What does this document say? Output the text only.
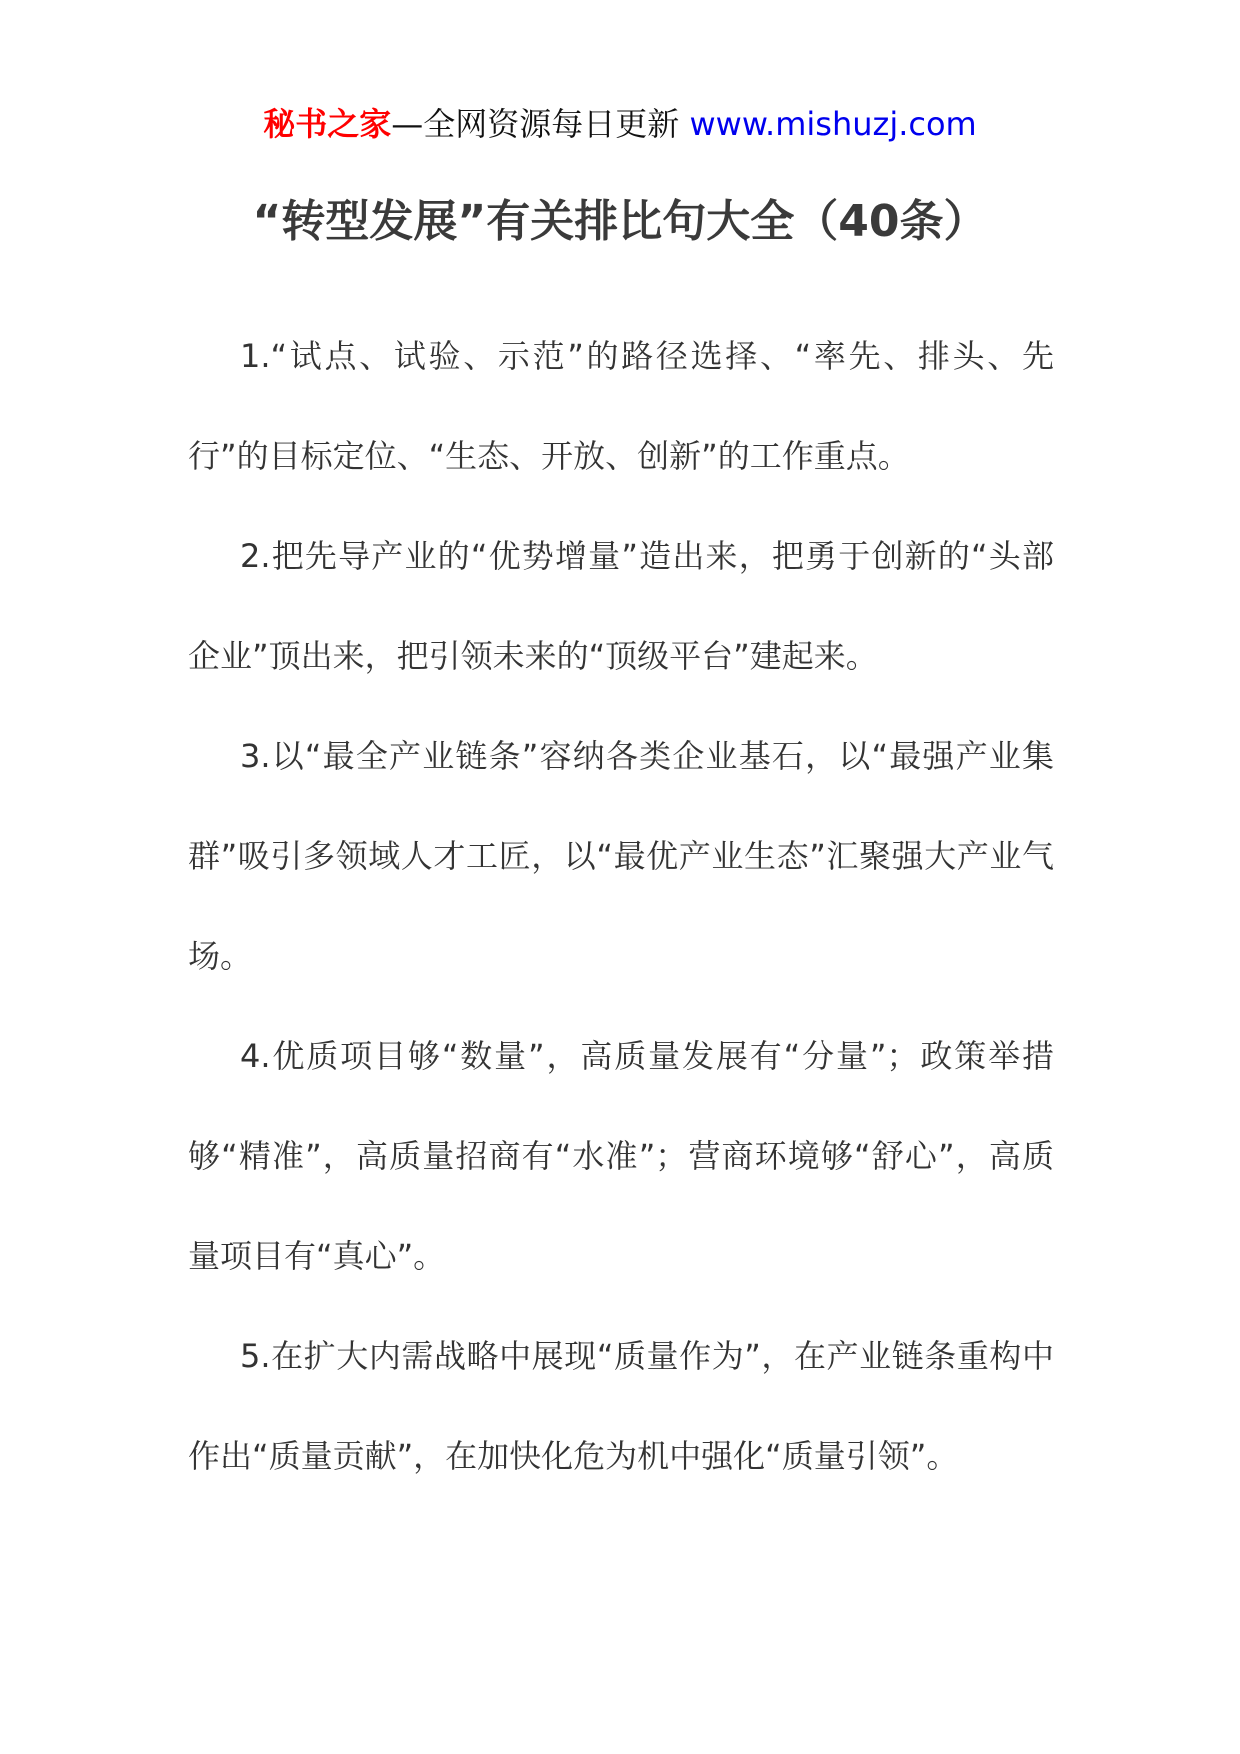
秘书之家—全网资源每日更新 www.mishuzj.com
“转型发展”有关排比句大全（40条）

1.“试点、试验、示范”的路径选择、“率先、排头、先行”的目标定位、“生态、开放、创新”的工作重点。

2.把先导产业的“优势增量”造出来，把勇于创新的“头部企业”顶出来，把引领未来的“顶级平台”建起来。

3.以“最全产业链条”容纳各类企业基石，以“最强产业集群”吸引多领域人才工匠，以“最优产业生态”汇聚强大产业气场。

4.优质项目够“数量”，高质量发展有“分量”；政策举措够“精准”，高质量招商有“水准”；营商环境够“舒心”，高质量项目有“真心”。

5.在扩大内需战略中展现“质量作为”，在产业链条重构中作出“质量贡献”，在加快化危为机中强化“质量引领”。
